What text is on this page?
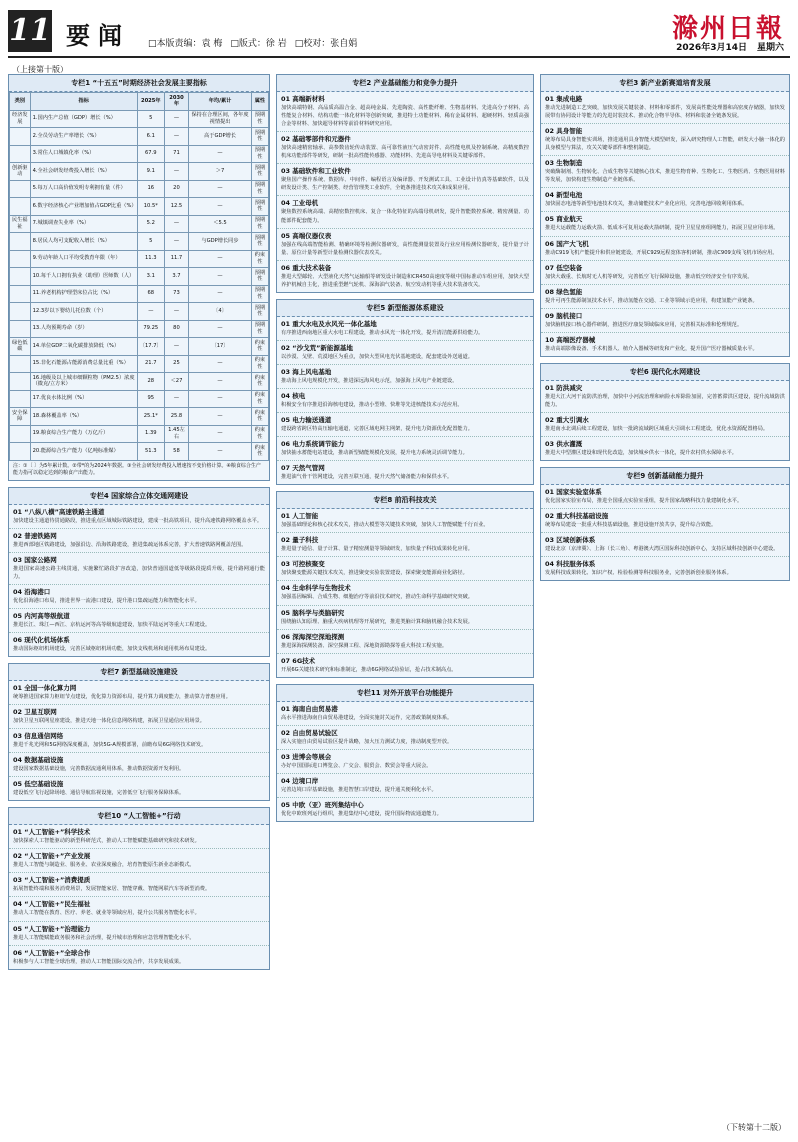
11 要闻 □本版责编：袁 梅 □版式：徐 岩 □校对：张自娟	滁州日報
2026年3月14日 星期六
（上接第十版）
专栏1 “十五五”时期经济社会发展主要指标
类别	指标	2025年	2030年	年均/累计	属性
经济发展	1.国内生产总值（GDP）增长（%）	5	—	保持在合理区间，各年度视情提出	预期性
	2.全员劳动生产率增长（%）	6.1	—	高于GDP增长	预期性
	3.常住人口城镇化率（%）	67.9	71	—	预期性
创新驱动	4.全社会研发经费投入增长（%）	9.1	—	＞7	预期性
	5.每万人口高价值发明专利拥有量（件）	16	20	—	预期性
	6.数字经济核心产业增加值占GDP比重（%）	10.5*	12.5	—	预期性
民生福祉	7.城镇调查失业率（%）	5.2	—	＜5.5	预期性
	8.居民人均可支配收入增长（%）	5	—	与GDP增长同步	预期性
	9.劳动年龄人口平均受教育年限（年）	11.3	11.7	—	约束性
	10.每千人口拥有执业（助理）医师数（人）	3.1	3.7	—	预期性
	11.养老机构护理型床位占比（%）	68	73	—	预期性
	12.3岁以下婴幼儿托位数（个）	—	—	〔4〕	预期性
	13.人均预期寿命（岁）	79.25	80	—	预期性
绿色低碳	14.单位GDP二氧化碳排放降低（%）	〔17.7〕	—	〔17〕	约束性
	15.非化石能源占能源消费总量比重（%）	21.7	25	—	约束性
	16.地级及以上城市细颗粒物（PM2.5）浓度（微克/立方米）	28	＜27	—	约束性
	17.优良水体比例（%）	95	—	—	约束性
安全保障	18.森林覆盖率（%）	25.1*	25.8	—	约束性
	19.粮食综合生产能力（万亿斤）	1.39	1.45左右	—	约束性
	20.能源综合生产能力（亿吨标准煤）	51.3	58	—	约束性
注：①〔 〕为5年累计数。②带*的为2024年数据。③全社会研发经费投入增速按不变价格计算。④粮食综合生产能力指可以稳定达到的粮食产出能力。
专栏4 国家综合立体交通网建设
01 “八纵八横”高速铁路主通道
加快建设主通道待贯通路段，推进重点区域城际铁路建设，建成一批高铁项目，提升高速铁路网络覆盖水平。
02 普速铁路网
推进西部地区铁路建设，加强沿边、沿海铁路建设，推进集疏运体系完善，扩大普速铁路网覆盖范围。
03 国家公路网
推进国家高速公路主线贯通，实施繁忙路段扩容改造，加快普通国道低等级路段提质升级，提升路网通行能力。
04 沿海港口
优化沿海港口布局，推进世界一流港口建设，提升港口集疏运能力和智能化水平。
05 内河高等级航道
推进长江、珠江—西江、京杭运河等高等级航道建设，加快平陆运河等重大工程建设。
06 现代化机场体系
推动国际枢纽机场建设，完善区域枢纽机场功能，加快支线机场和通用机场布局建设。
专栏7 新型基础设施建设
01 全国一体化算力网
统筹推进国家算力枢纽节点建设，优化算力资源布局，提升算力调度能力，推动算力普惠应用。
02 卫星互联网
加快卫星互联网星座建设，推进天地一体化信息网络构建，拓展卫星通信应用场景。
03 信息通信网络
推进千兆光网和5G网络深度覆盖，加快5G-A规模部署，前瞻布局6G网络技术研发。
04 数据基础设施
建设国家数据基础设施，完善数据流通利用体系，推动数据资源开发利用。
05 低空基础设施
建设低空飞行起降场地、通信导航监视设施，完善低空飞行服务保障体系。
专栏10 “人工智能+”行动
01 “人工智能+”科学技术
加快探索人工智能驱动的新型科研范式，推动人工智能赋能基础研究和技术研发。
02 “人工智能+”产业发展
推进人工智能与制造业、服务业、农业深度融合，培育智能原生新业态新模式。
03 “人工智能+”消费提质
拓展智能终端和服务消费场景，发展智能家居、智能穿戴、智能网联汽车等新型消费。
04 “人工智能+”民生福祉
推动人工智能在教育、医疗、养老、就业等领域应用，提升公共服务智能化水平。
05 “人工智能+”治理能力
推进人工智能赋能政务服务和社会治理，提升城市治理和应急管理智能化水平。
06 “人工智能+”全球合作
积极参与人工智能全球治理，推动人工智能国际交流合作，共享发展成果。
专栏2 产业基础能力和竞争力提升
01 高端新材料
加快高端特钢、高品质高温合金、超高纯金属、先进陶瓷、高性能纤维、生物基材料、先进高分子材料、高性能复合材料、结构功能一体化材料等创新突破，推进特土功能材料、稀有金属材料、超硬材料、轻质高强合金等材料、加快超导材料等前沿材料研究应用。
02 基础零部件和元器件
加快高速精密轴承、高参数齿轮传动装置、高可靠性液压气动密封件、高性能电机及控制系统、高精度数控机床功能部件等研发，研制一批高性能传感器、功能材料、先进高导电材料及关键零部件。
03 基础软件和工业软件
聚焦国产操作系统、数据库、中间件、编程语言及编译器、开发测试工具、工业设计仿真等基础软件，以及研发设计类、生产控制类、经营管理类工业软件，全链条推进技术攻关和成果应用。
04 工业母机
聚焦数控系统高端、高精密数控机床、复合一体化特征的高端母机研发，提升智能数控系统、精密测量、功能部件配套能力。
05 高端仪器仪表
加强在线高端智能检测、精确环境等检测仪器研发，高性能测量装置及行业应用检测仪器研发，提升量子计量、原位计量等新型计量检测仪器仪表攻关。
06 重大技术装备
推进大型邮轮、大型液化天然气运输船等研发设计制造和CR450高速度等级中国标准动车组应用，加快大型养护机械自主化，推进重型燃气轮机、深海油气装备、航空发动机等重大技术装备攻关。
专栏5 新型能源体系建设
01 重大水电及水风光一体化基地
有序推进西南地区重大水电工程建设，推动水风光一体化开发，提升清洁能源供给能力。
02 “沙戈荒”新能源基地
以沙漠、戈壁、荒漠地区为重点，加快大型风电光伏基地建设，配套建设外送通道。
03 海上风电基地
推动海上风电规模化开发，推进深远海风电示范，加强海上风电产业链建设。
04 核电
积极安全有序推进沿海核电建设，推动小型堆、快堆等先进核能技术示范应用。
05 电力输送通道
建设跨省跨区特高压输电通道，完善区域电网主网架，提升电力资源优化配置能力。
06 电力系统调节能力
加快抽水蓄能电站建设，推动新型储能规模化发展，提升电力系统灵活调节能力。
07 天然气管网
推进油气骨干管网建设，完善互联互通，提升天然气储备能力和保供水平。
专栏8 前沿科技攻关
01 人工智能
加强基础理论和核心技术攻关，推动大模型等关键技术突破，加快人工智能赋能千行百业。
02 量子科技
推进量子通信、量子计算、量子精密测量等领域研发，加快量子科技成果转化应用。
03 可控核聚变
加快聚变能源关键技术攻关，推进聚变实验装置建设，探索聚变能源商业化路径。
04 生命科学与生物技术
加强基因编辑、合成生物、细胞治疗等前沿技术研究，推动生命科学基础研究突破。
05 脑科学与类脑研究
围绕脑认知原理、脑重大疾病机理等开展研究，推进类脑计算和脑机融合技术发展。
06 深海深空深地探测
推进深海探测装备、深空探测工程、深地资源勘探等重大科技工程实施。
07 6G技术
开展6G关键技术研究和标准制定，推动6G网络试验验证，抢占技术制高点。
专栏11 对外开放平台功能提升
01 海南自由贸易港
高水平推进海南自由贸易港建设，全面实施封关运作，完善政策制度体系。
02 自由贸易试验区
深入实施自由贸易试验区提升战略，加大压力测试力度，推动制度型开放。
03 进博会等展会
办好中国国际进口博览会、广交会、服贸会、数贸会等重大展会。
04 边境口岸
完善边境口岸基础设施，推进智慧口岸建设，提升通关便利化水平。
05 中欧（亚）班列集结中心
优化中欧班列运行组织，推进集结中心建设，提升国际物流通道能力。
专栏3 新产业新赛道培育发展
01 集成电路
推动先进制造工艺突破，加快发展关键装备、材料和零部件，发展高性能处理器和高密度存储器，加快发展带有协同设计等能力的先进封装技术、推动化合物半导体、材料和装备全链条发展。
02 具身智能
统筹布局具身智能实训场，推进通用具身智能大模型研发，深入研究物理人工智能，研发大小脑一体化的具身模型与算法，攻关关键零部件和整机制造。
03 生物制造
突破酶制剂、生物转化、合成生物等关键核心技术，推进生物育种、生物化工、生物医药、生物医用材料等发展，加快构建生物制造产业链体系。
04 新型电池
加快固态电池等新型电池技术攻关，推动储能技术产业化应用，完善电池回收利用体系。
05 商业航天
推进大运载能力运载火箭、低成本可复用运载火箭研制，提升卫星星座组网能力，拓展卫星应用市场。
06 国产大飞机
推动C919飞机产能提升和供应链建设，开展C929远程宽体客机研制，推动C909支线飞机市场应用。
07 低空装备
加快大载重、长航时无人机等研发，完善低空飞行保障设施，推动低空经济安全有序发展。
08 绿色氢能
提升可再生能源制氢技术水平，推动氢能在交通、工业等领域示范应用，构建氢能产业链条。
09 脑机接口
加快脑机接口核心器件研制，推进医疗康复领域临床应用，完善相关标准和伦理规范。
10 高端医疗器械
推动高端影像设备、手术机器人、植介入器械等研发和产业化，提升国产医疗器械质量水平。
专栏6 现代化水网建设
01 防洪减灾
推进大江大河干流防洪治理，加快中小河流治理和病险水库除险加固，完善蓄滞洪区建设，提升流域防洪能力。
02 重大引调水
推进南水北调后续工程建设，加快一批跨流域跨区域重大引调水工程建设，优化水资源配置格局。
03 供水灌溉
推进大中型灌区建设和现代化改造，加快城乡供水一体化，提升农村供水保障水平。
专栏9 创新基础能力提升
01 国家实验室体系
优化国家实验室布局，推进全国重点实验室重组，提升国家战略科技力量建制化水平。
02 重大科技基础设施
统筹布局建设一批重大科技基础设施，推进设施开放共享，提升综合效能。
03 区域创新体系
建设北京（京津冀）、上海（长三角）、粤港澳大湾区国际科技创新中心，支持区域科技创新中心建设。
04 科技服务体系
发展科技成果转化、知识产权、检验检测等科技服务业，完善创新创业服务体系。
（下转第十二版）
